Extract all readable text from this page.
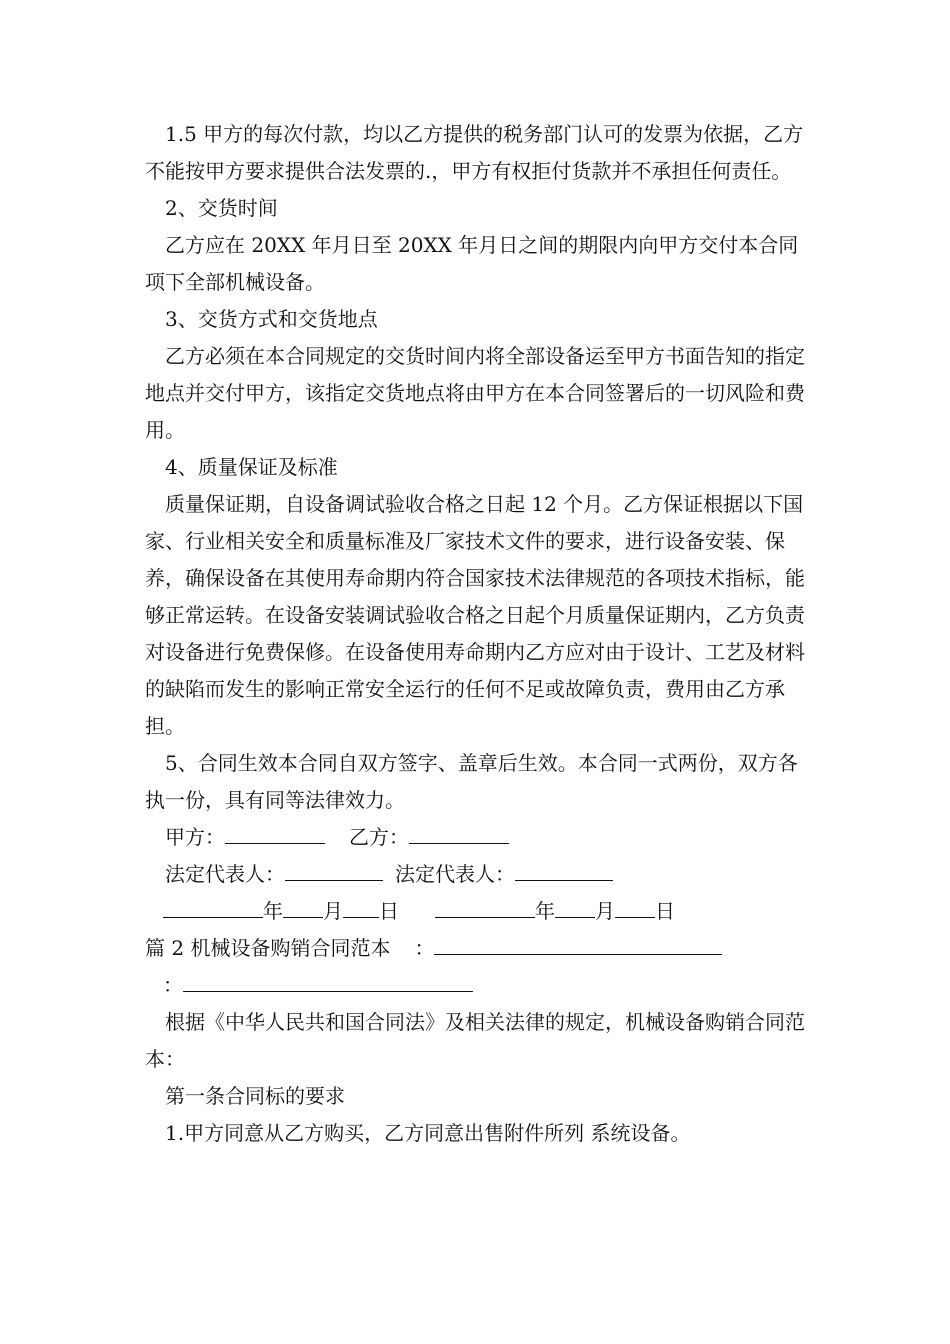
1.5 甲方的每次付款，均以乙方提供的税务部门认可的发票为依据，乙方不能按甲方要求提供合法发票的.，甲方有权拒付货款并不承担任何责任。

2、交货时间

乙方应在 20XX 年月日至 20XX 年月日之间的期限内向甲方交付本合同项下全部机械设备。

3、交货方式和交货地点

乙方必须在本合同规定的交货时间内将全部设备运至甲方书面告知的指定地点并交付甲方，该指定交货地点将由甲方在本合同签署后的一切风险和费用。

4、质量保证及标准

质量保证期，自设备调试验收合格之日起 12 个月。乙方保证根据以下国家、行业相关安全和质量标准及厂家技术文件的要求，进行设备安装、保养，确保设备在其使用寿命期内符合国家技术法律规范的各项技术指标，能够正常运转。在设备安装调试验收合格之日起个月质量保证期内，乙方负责对设备进行免费保修。在设备使用寿命期内乙方应对由于设计、工艺及材料的缺陷而发生的影响正常安全运行的任何不足或故障负责，费用由乙方承担。

5、合同生效本合同自双方签字、盖章后生效。本合同一式两份，双方各执一份，具有同等法律效力。

甲方：	乙方：
法定代表人：	法定代表人：
年 月 日	年 月 日
篇 2 机械设备购销合同范本 ：
：

根据《中华人民共和国合同法》及相关法律的规定，机械设备购销合同范本：

第一条合同标的要求

1.甲方同意从乙方购买，乙方同意出售附件所列 系统设备。
